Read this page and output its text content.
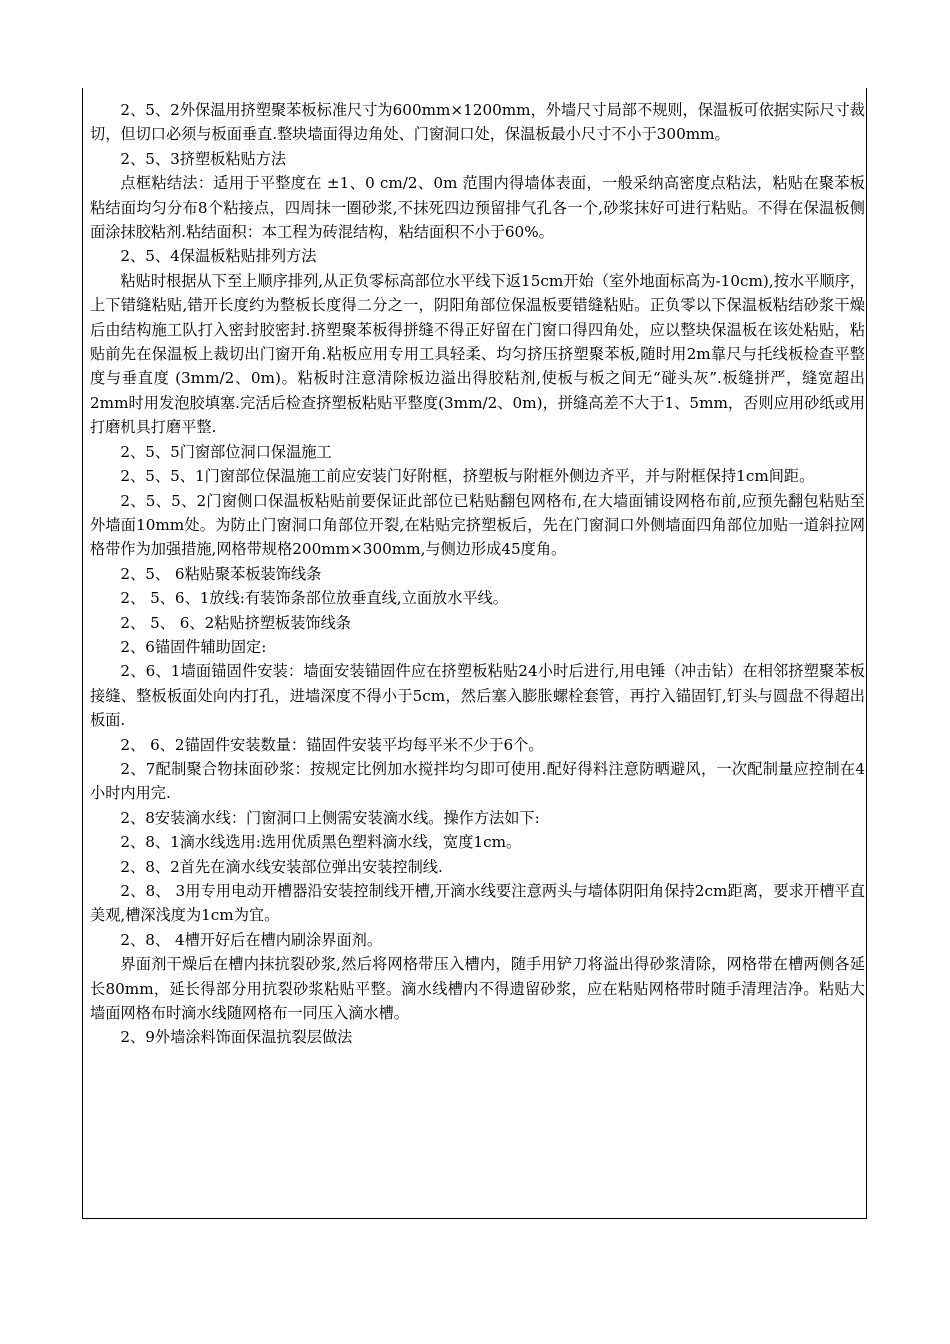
2、5、2外保温用挤塑聚苯板标准尺寸为600mm×1200mm，外墙尺寸局部不规则，保温板可依据实际尺寸裁切，但切口必须与板面垂直.整块墙面得边角处、门窗洞口处，保温板最小尺寸不小于300mm。

2、5、3挤塑板粘贴方法

点框粘结法：适用于平整度在 ±1、0 cm/2、0m 范围内得墙体表面，一般采纳高密度点粘法，粘贴在聚苯板粘结面均匀分布8个粘接点，四周抹一圈砂浆,不抹死四边预留排气孔各一个,砂浆抹好可进行粘贴。不得在保温板侧面涂抹胶粘剂.粘结面积：本工程为砖混结构，粘结面积不小于60%。

2、5、4保温板粘贴排列方法

粘贴时根据从下至上顺序排列,从正负零标高部位水平线下返15cm开始（室外地面标高为-10cm),按水平顺序，上下错缝粘贴,错开长度约为整板长度得二分之一，阴阳角部位保温板要错缝粘贴。正负零以下保温板粘结砂浆干燥后由结构施工队打入密封胶密封.挤塑聚苯板得拼缝不得正好留在门窗口得四角处，应以整块保温板在该处粘贴，粘贴前先在保温板上裁切出门窗开角.粘板应用专用工具轻柔、均匀挤压挤塑聚苯板,随时用2m靠尺与托线板检查平整度与垂直度 (3mm/2、0m)。粘板时注意清除板边溢出得胶粘剂,使板与板之间无“碰头灰”.板缝拼严，缝宽超出2mm时用发泡胶填塞.完活后检查挤塑板粘贴平整度(3mm/2、0m)，拼缝高差不大于1、5mm，否则应用砂纸或用打磨机具打磨平整.

2、5、5门窗部位洞口保温施工

2、5、5、1门窗部位保温施工前应安装门好附框，挤塑板与附框外侧边齐平，并与附框保持1cm间距。

2、5、5、2门窗侧口保温板粘贴前要保证此部位已粘贴翻包网格布,在大墙面铺设网格布前,应预先翻包粘贴至外墙面10mm处。为防止门窗洞口角部位开裂,在粘贴完挤塑板后，先在门窗洞口外侧墙面四角部位加贴一道斜拉网格带作为加强措施,网格带规格200mm×300mm,与侧边形成45度角。

2、5、 6粘贴聚苯板装饰线条

2、 5、6、1放线:有装饰条部位放垂直线,立面放水平线。

2、 5、 6、2粘贴挤塑板装饰线条

2、6锚固件辅助固定:

2、6、1墙面锚固件安装：墙面安装锚固件应在挤塑板粘贴24小时后进行,用电锤（冲击钻）在相邻挤塑聚苯板接缝、整板板面处向内打孔，进墙深度不得小于5cm，然后塞入膨胀螺栓套管，再拧入锚固钉,钉头与圆盘不得超出板面.

2、 6、2锚固件安装数量：锚固件安装平均每平米不少于6个。

2、7配制聚合物抹面砂浆：按规定比例加水搅拌均匀即可使用.配好得料注意防晒避风，一次配制量应控制在4小时内用完.

2、8安装滴水线：门窗洞口上侧需安装滴水线。操作方法如下:

2、8、1滴水线选用:选用优质黑色塑料滴水线，宽度1cm。

2、8、2首先在滴水线安装部位弹出安装控制线.

2、8、 3用专用电动开槽器沿安装控制线开槽,开滴水线要注意两头与墙体阴阳角保持2cm距离，要求开槽平直美观,槽深浅度为1cm为宜。

2、8、 4槽开好后在槽内刷涂界面剂。

界面剂干燥后在槽内抹抗裂砂浆,然后将网格带压入槽内，随手用铲刀将溢出得砂浆清除，网格带在槽两侧各延长80mm，延长得部分用抗裂砂浆粘贴平整。滴水线槽内不得遗留砂浆，应在粘贴网格带时随手清理洁净。粘贴大墙面网格布时滴水线随网格布一同压入滴水槽。

2、9外墙涂料饰面保温抗裂层做法
